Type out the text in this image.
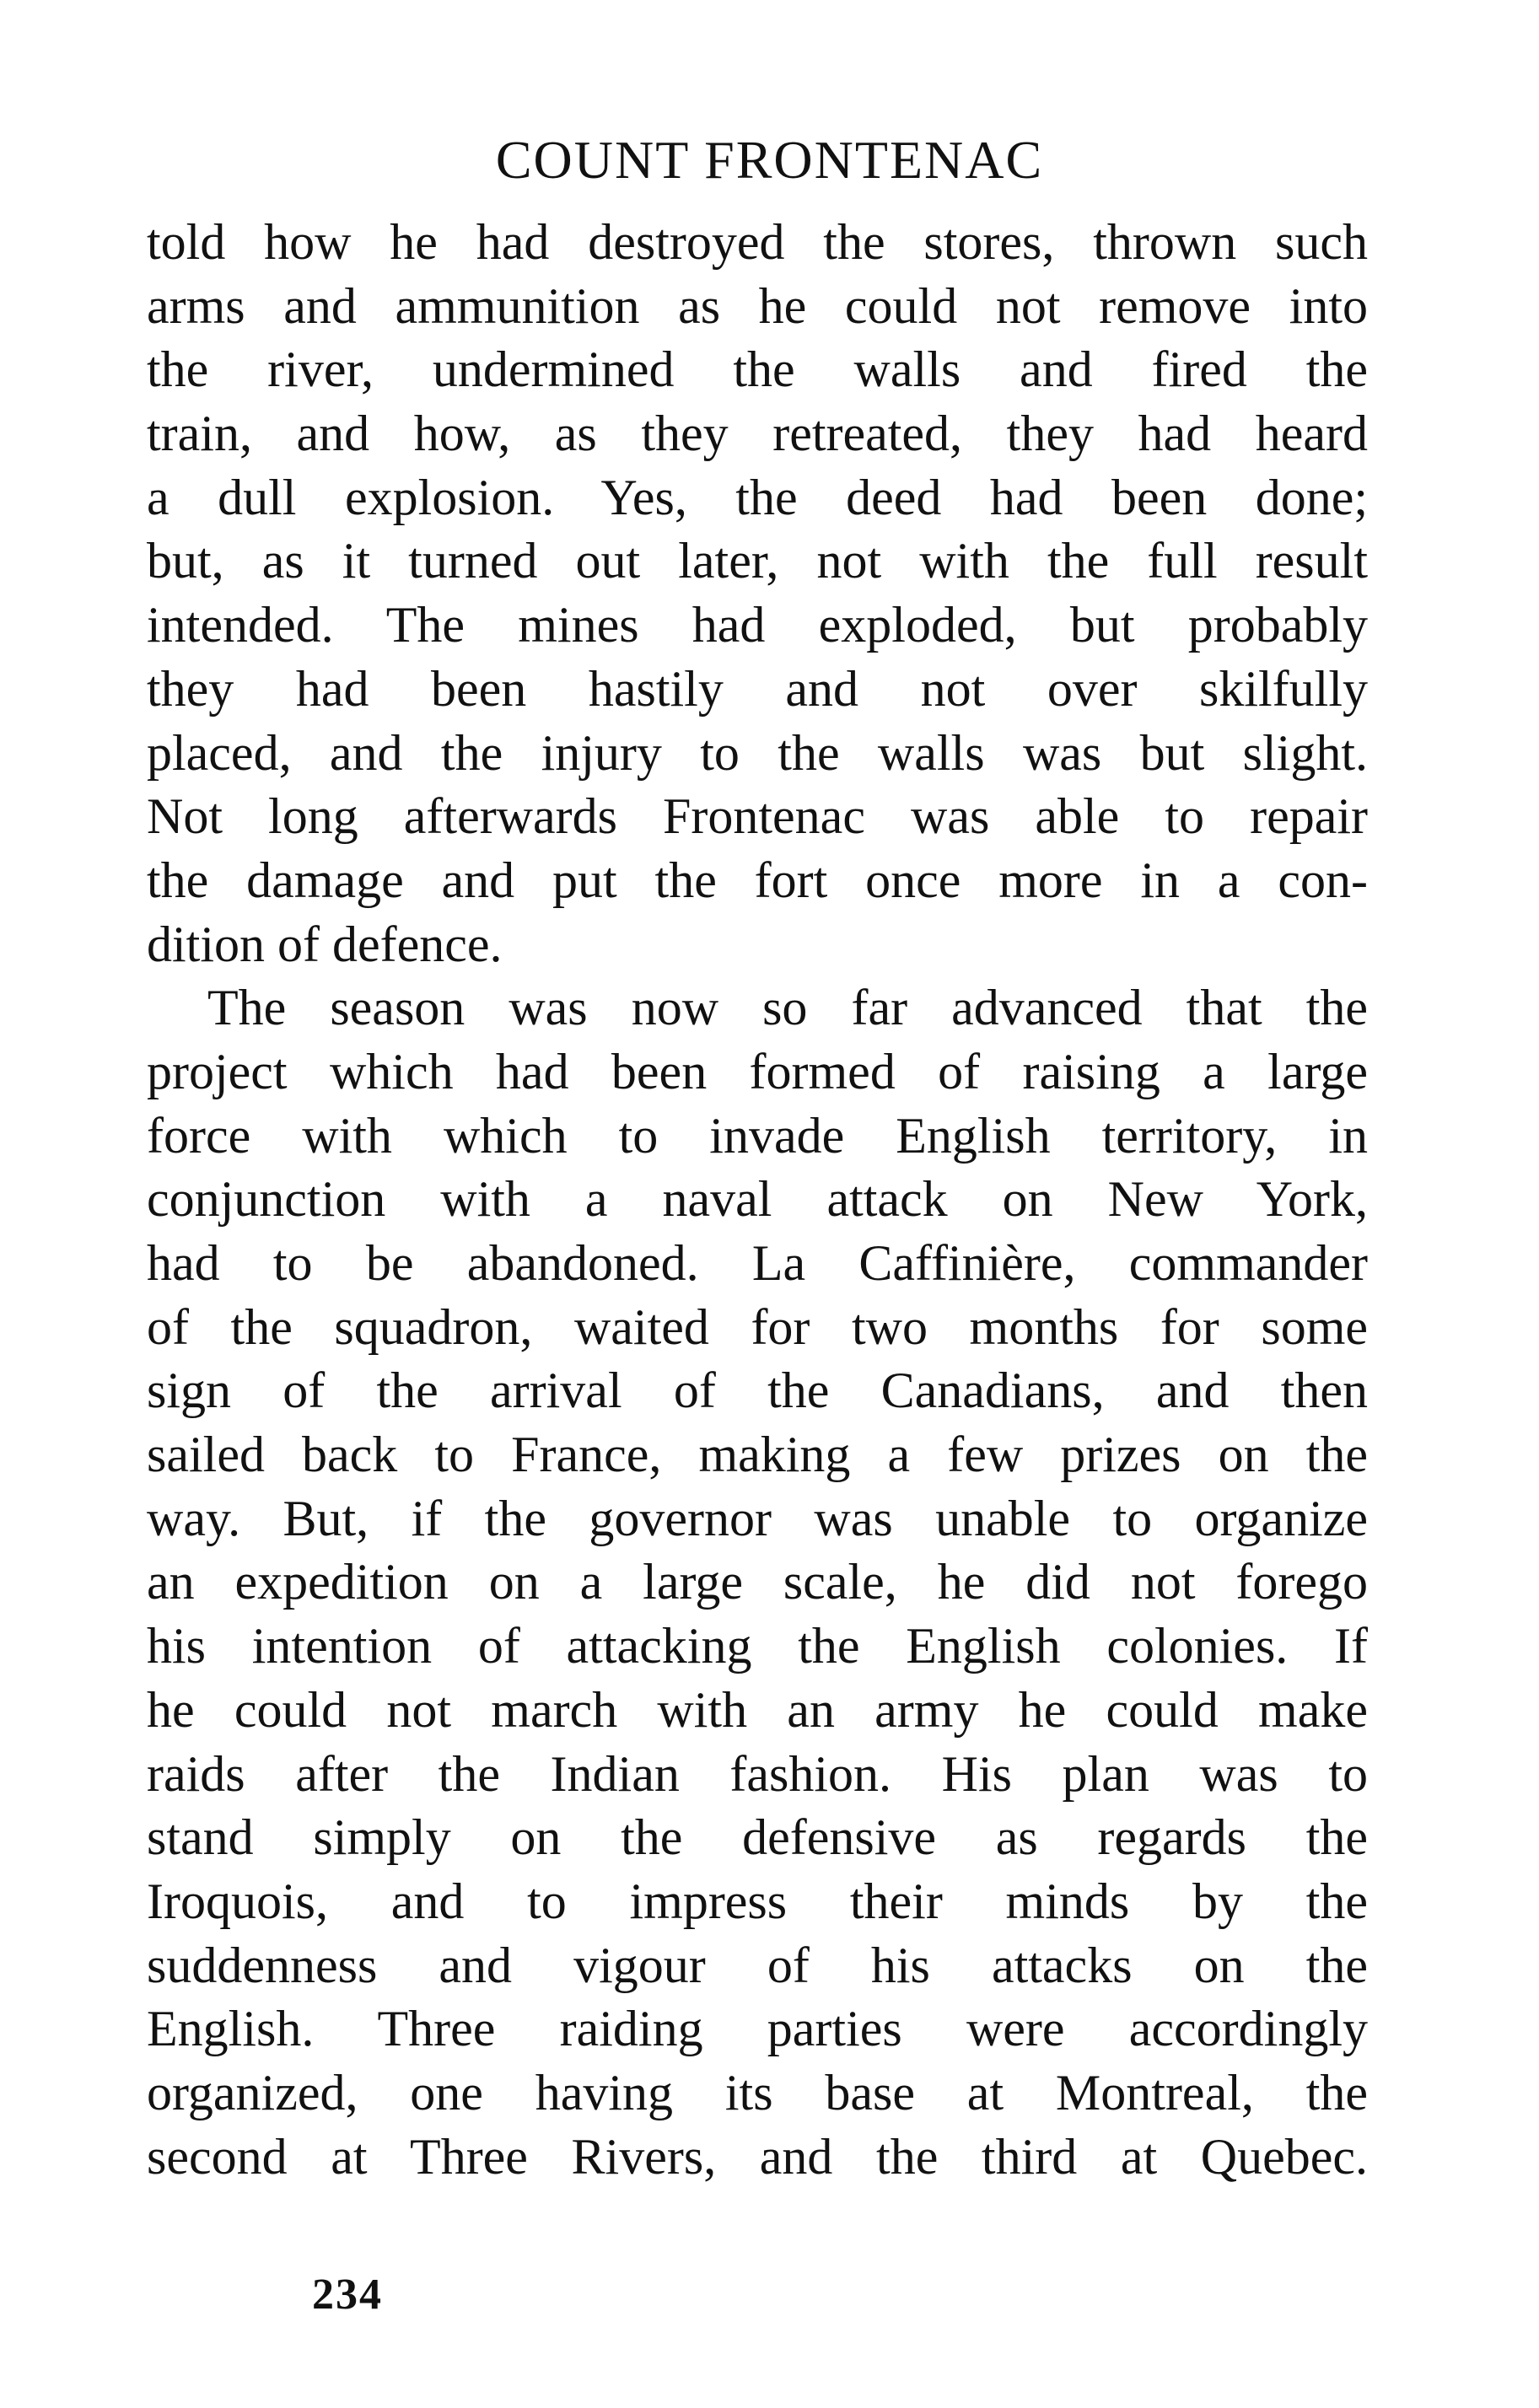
COUNT FRONTENAC
told how he had destroyed the stores, thrown such
arms and ammunition as he could not remove into
the river, undermined the walls and fired the
train, and how, as they retreated, they had heard
a dull explosion. Yes, the deed had been done;
but, as it turned out later, not with the full result
intended. The mines had exploded, but probably
they had been hastily and not over skilfully
placed, and the injury to the walls was but slight.
Not long afterwards Frontenac was able to repair
the damage and put the fort once more in a con-
dition of defence.
The season was now so far advanced that the
project which had been formed of raising a large
force with which to invade English territory, in
conjunction with a naval attack on New York,
had to be abandoned. La Caffinière, commander
of the squadron, waited for two months for some
sign of the arrival of the Canadians, and then
sailed back to France, making a few prizes on the
way. But, if the governor was unable to organize
an expedition on a large scale, he did not forego
his intention of attacking the English colonies. If
he could not march with an army he could make
raids after the Indian fashion. His plan was to
stand simply on the defensive as regards the
Iroquois, and to impress their minds by the
suddenness and vigour of his attacks on the
English. Three raiding parties were accordingly
organized, one having its base at Montreal, the
second at Three Rivers, and the third at Quebec.
234
